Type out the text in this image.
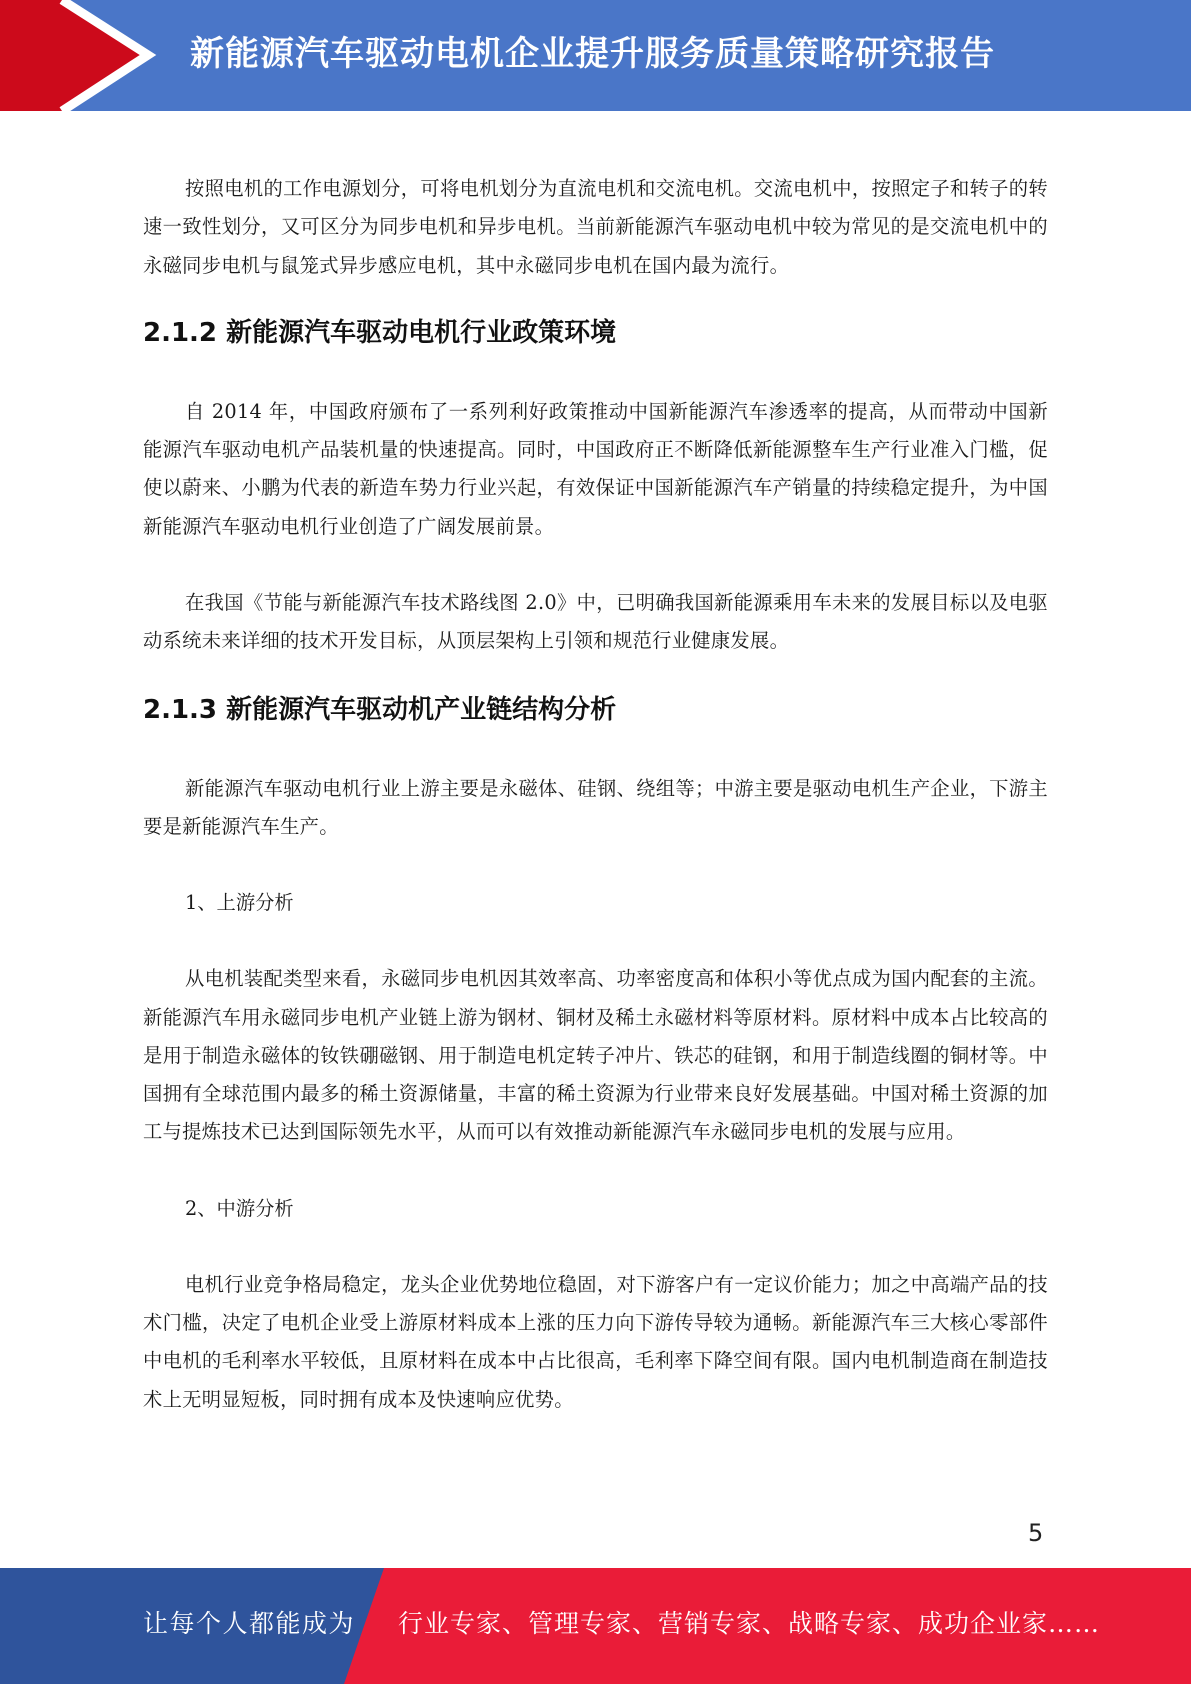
新能源汽车驱动电机企业提升服务质量策略研究报告

按照电机的工作电源划分，可将电机划分为直流电机和交流电机。交流电机中，按照定子和转子的转速一致性划分，又可区分为同步电机和异步电机。当前新能源汽车驱动电机中较为常见的是交流电机中的永磁同步电机与鼠笼式异步感应电机，其中永磁同步电机在国内最为流行。

2.1.2 新能源汽车驱动电机行业政策环境

自 2014 年，中国政府颁布了一系列利好政策推动中国新能源汽车渗透率的提高，从而带动中国新能源汽车驱动电机产品装机量的快速提高。同时，中国政府正不断降低新能源整车生产行业准入门槛，促使以蔚来、小鹏为代表的新造车势力行业兴起，有效保证中国新能源汽车产销量的持续稳定提升，为中国新能源汽车驱动电机行业创造了广阔发展前景。

在我国《节能与新能源汽车技术路线图 2.0》中，已明确我国新能源乘用车未来的发展目标以及电驱动系统未来详细的技术开发目标，从顶层架构上引领和规范行业健康发展。

2.1.3 新能源汽车驱动机产业链结构分析

新能源汽车驱动电机行业上游主要是永磁体、硅钢、绕组等；中游主要是驱动电机生产企业，下游主要是新能源汽车生产。

1、上游分析

从电机装配类型来看，永磁同步电机因其效率高、功率密度高和体积小等优点成为国内配套的主流。新能源汽车用永磁同步电机产业链上游为钢材、铜材及稀土永磁材料等原材料。原材料中成本占比较高的是用于制造永磁体的钕铁硼磁钢、用于制造电机定转子冲片、铁芯的硅钢，和用于制造线圈的铜材等。中国拥有全球范围内最多的稀土资源储量，丰富的稀土资源为行业带来良好发展基础。中国对稀土资源的加工与提炼技术已达到国际领先水平，从而可以有效推动新能源汽车永磁同步电机的发展与应用。

2、中游分析

电机行业竞争格局稳定，龙头企业优势地位稳固，对下游客户有一定议价能力；加之中高端产品的技术门槛，决定了电机企业受上游原材料成本上涨的压力向下游传导较为通畅。新能源汽车三大核心零部件中电机的毛利率水平较低，且原材料在成本中占比很高，毛利率下降空间有限。国内电机制造商在制造技术上无明显短板，同时拥有成本及快速响应优势。

5
让每个人都能成为 行业专家、管理专家、营销专家、战略专家、成功企业家……
